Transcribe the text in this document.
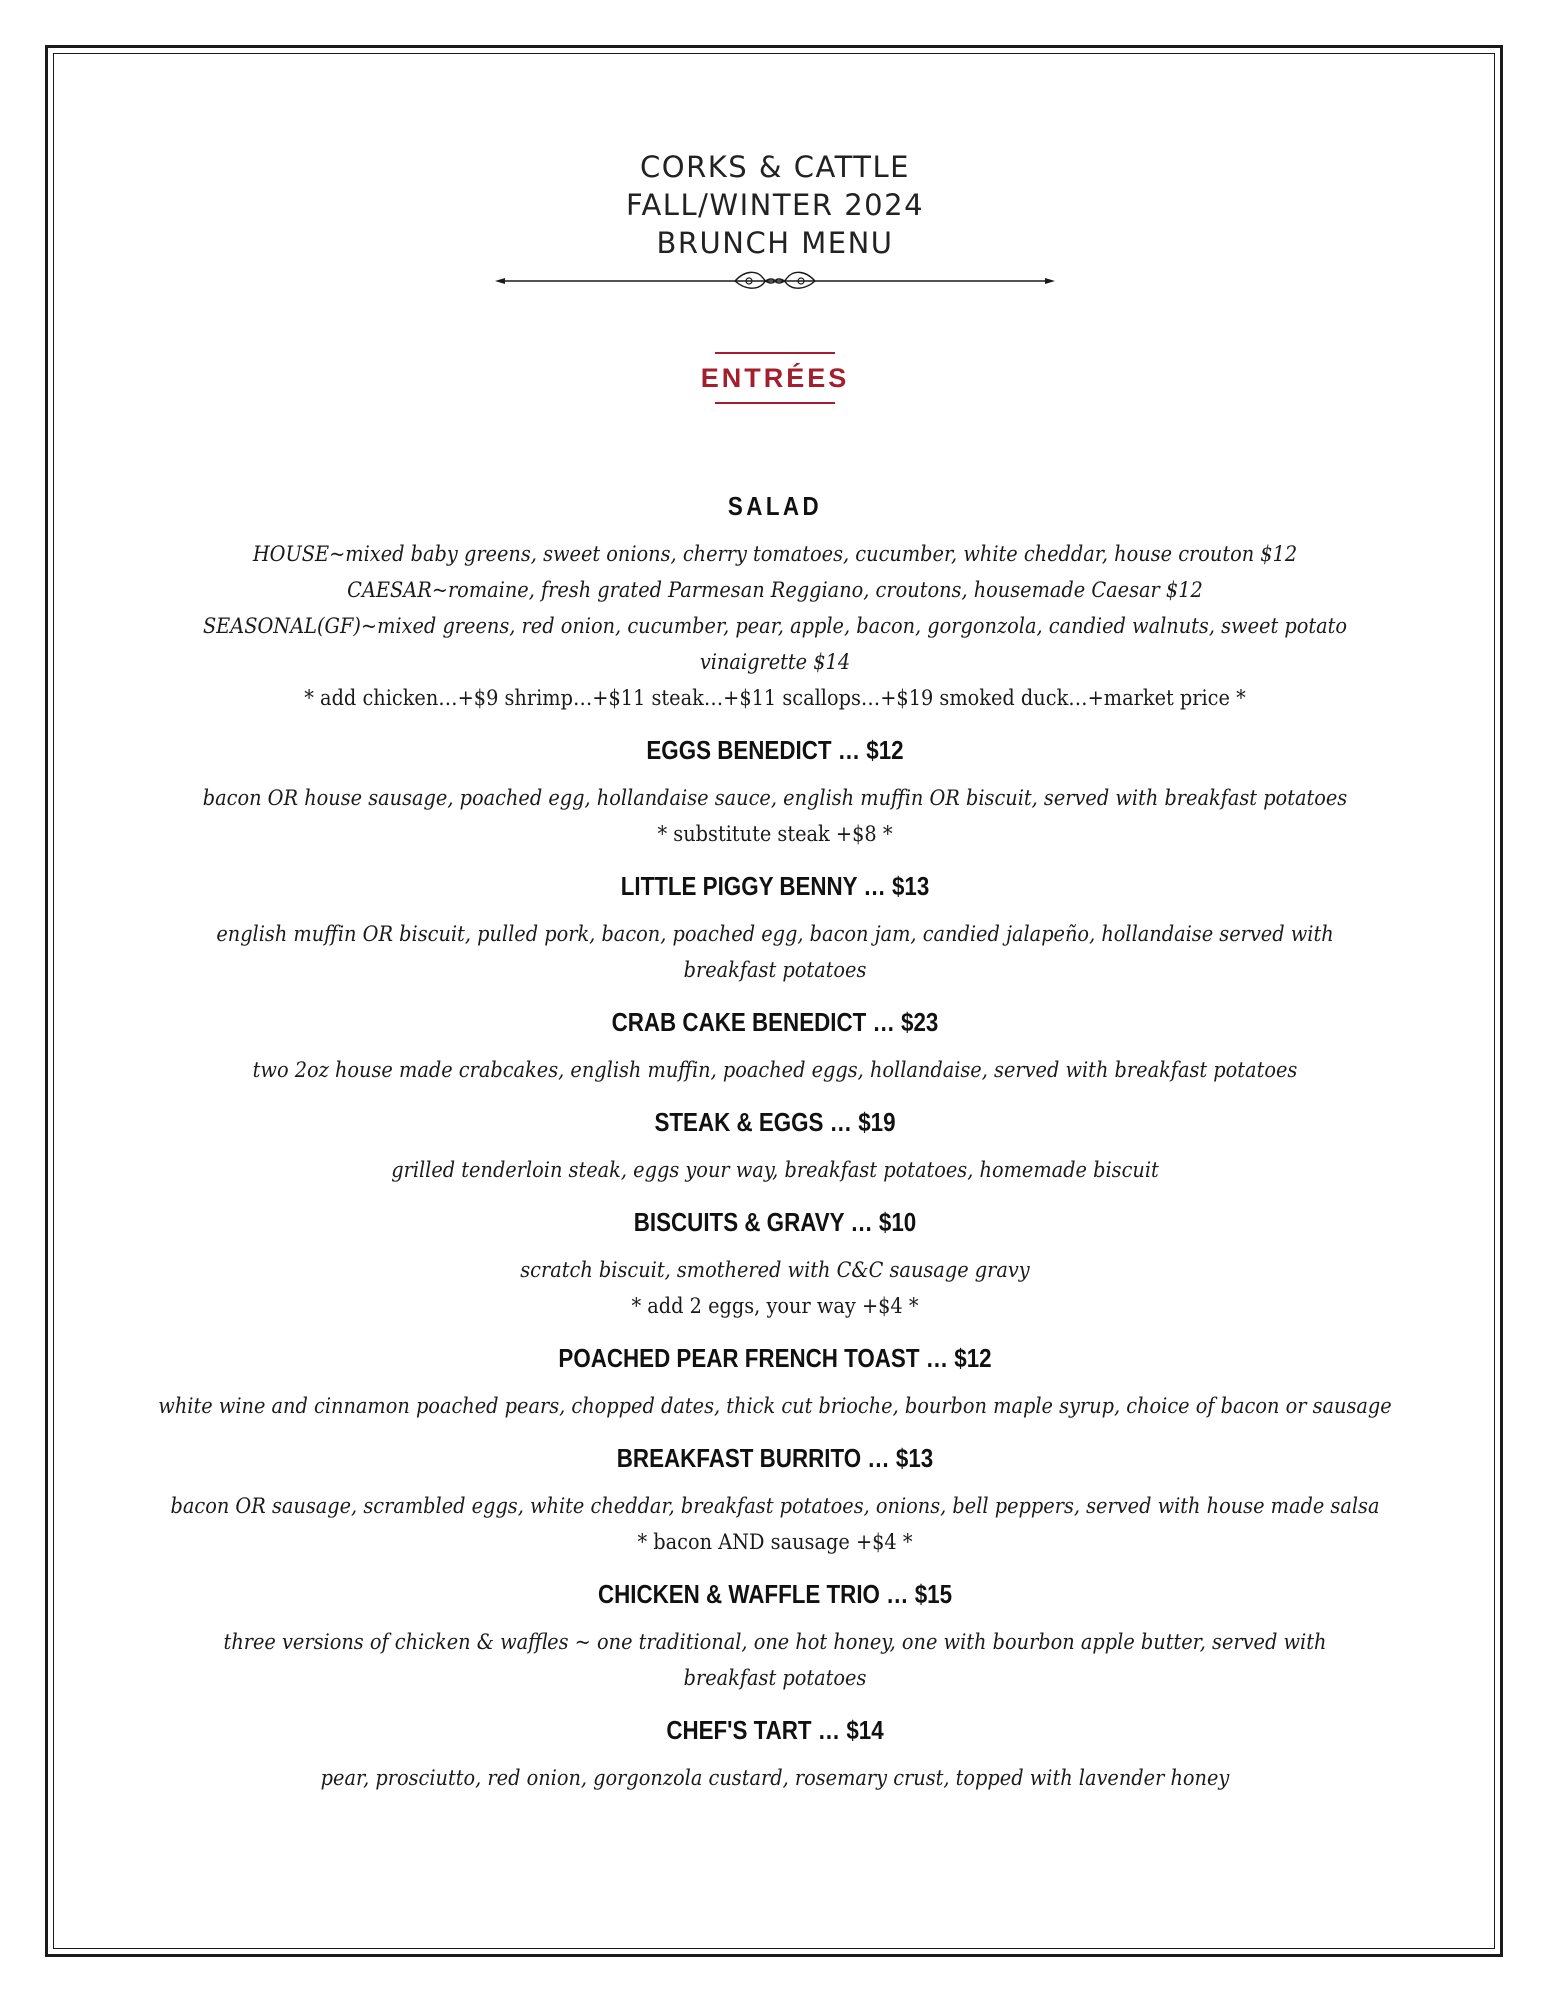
CORKS & CATTLE

FALL/WINTER 2024

BRUNCH MENU

ENTRÉES

SALAD

HOUSE~mixed baby greens, sweet onions, cherry tomatoes, cucumber, white cheddar, house crouton $12

CAESAR~romaine, fresh grated Parmesan Reggiano, croutons, housemade Caesar $12

SEASONAL(GF)~mixed greens, red onion, cucumber, pear, apple, bacon, gorgonzola, candied walnuts, sweet potato vinaigrette $14

* add chicken…+$9 shrimp…+$11 steak…+$11 scallops…+$19 smoked duck…+market price *

EGGS BENEDICT … $12

bacon OR house sausage, poached egg, hollandaise sauce, english muffin OR biscuit, served with breakfast potatoes

* substitute steak +$8 *

LITTLE PIGGY BENNY … $13

english muffin OR biscuit, pulled pork, bacon, poached egg, bacon jam, candied jalapeño, hollandaise served with breakfast potatoes

CRAB CAKE BENEDICT … $23

two 2oz house made crabcakes, english muffin, poached eggs, hollandaise, served with breakfast potatoes

STEAK & EGGS … $19

grilled tenderloin steak, eggs your way, breakfast potatoes, homemade biscuit

BISCUITS & GRAVY … $10

scratch biscuit, smothered with C&C sausage gravy

* add 2 eggs, your way +$4 *

POACHED PEAR FRENCH TOAST … $12

white wine and cinnamon poached pears, chopped dates, thick cut brioche, bourbon maple syrup, choice of bacon or sausage

BREAKFAST BURRITO … $13

bacon OR sausage, scrambled eggs, white cheddar, breakfast potatoes, onions, bell peppers, served with house made salsa

* bacon AND sausage +$4 *

CHICKEN & WAFFLE TRIO … $15

three versions of chicken & waffles ~ one traditional, one hot honey, one with bourbon apple butter, served with breakfast potatoes

CHEF'S TART … $14

pear, prosciutto, red onion, gorgonzola custard, rosemary crust, topped with lavender honey
